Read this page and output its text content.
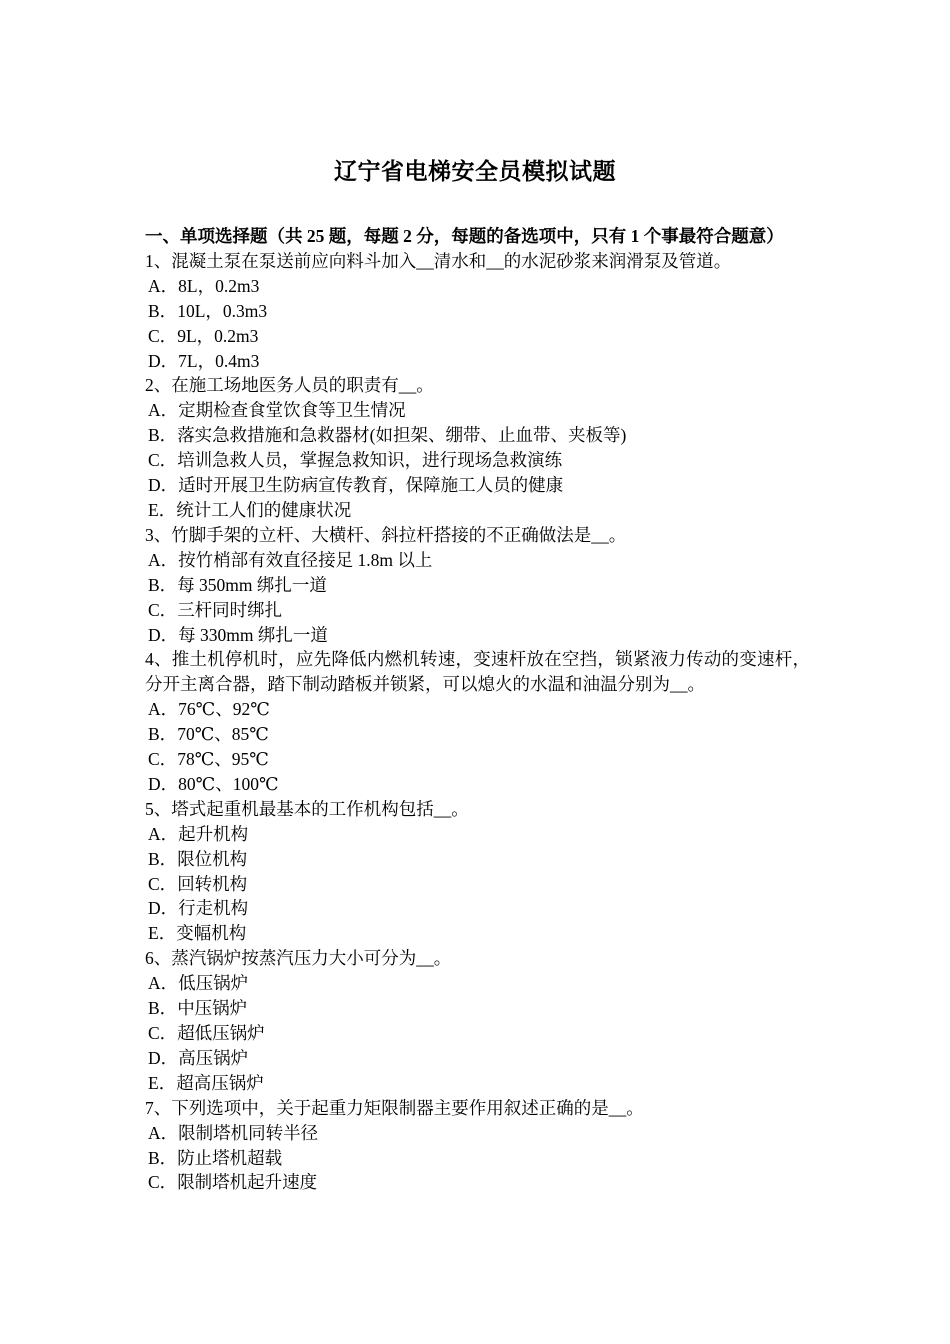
辽宁省电梯安全员模拟试题
一、单项选择题（共 25 题，每题 2 分，每题的备选项中，只有 1 个事最符合题意）
1、混凝土泵在泵送前应向料斗加入__清水和__的水泥砂浆来润滑泵及管道。
A．8L，0.2m3
B．10L，0.3m3
C．9L，0.2m3
D．7L，0.4m3
2、在施工场地医务人员的职责有__。
A．定期检查食堂饮食等卫生情况
B．落实急救措施和急救器材(如担架、绷带、止血带、夹板等)
C．培训急救人员，掌握急救知识，进行现场急救演练
D．适时开展卫生防病宣传教育，保障施工人员的健康
E．统计工人们的健康状况
3、竹脚手架的立杆、大横杆、斜拉杆搭接的不正确做法是__。
A．按竹梢部有效直径接足 1.8m 以上
B．每 350mm 绑扎一道
C．三杆同时绑扎
D．每 330mm 绑扎一道
4、推土机停机时，应先降低内燃机转速，变速杆放在空挡，锁紧液力传动的变速杆，分开主离合器，踏下制动踏板并锁紧，可以熄火的水温和油温分别为__。
A．76℃、92℃
B．70℃、85℃
C．78℃、95℃
D．80℃、100℃
5、塔式起重机最基本的工作机构包括__。
A．起升机构
B．限位机构
C．回转机构
D．行走机构
E．变幅机构
6、蒸汽锅炉按蒸汽压力大小可分为__。
A．低压锅炉
B．中压锅炉
C．超低压锅炉
D．高压锅炉
E．超高压锅炉
7、下列选项中，关于起重力矩限制器主要作用叙述正确的是__。
A．限制塔机同转半径
B．防止塔机超载
C．限制塔机起升速度
